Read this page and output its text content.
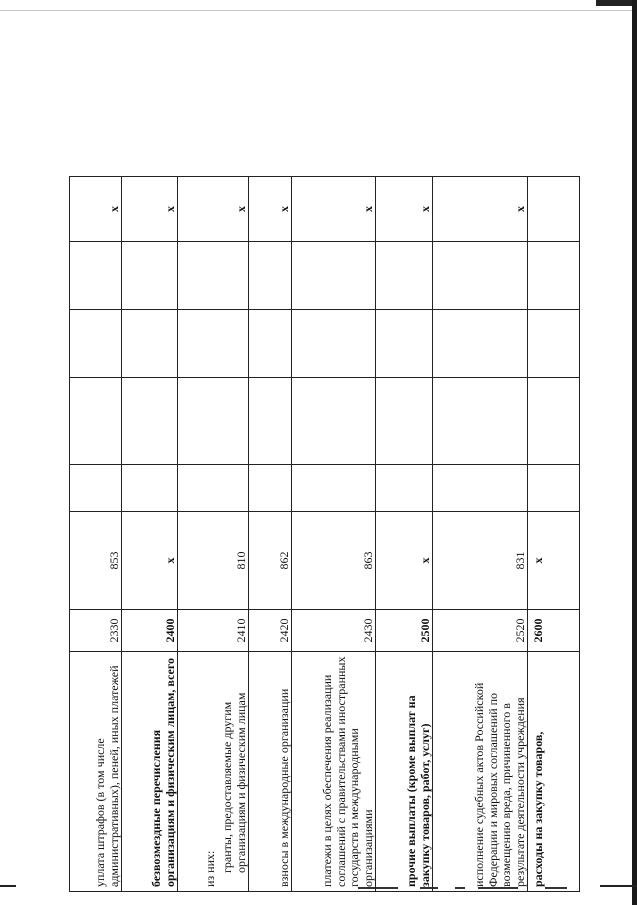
уплата штрафов (в том числе административных), пеней, иных платежей	2330	853					x
безвозмездные перечисления организациям и физическим лицам, всего	2400	x					x

из них: гранты, предоставляемые другим организациям и физическим лицам	2410	810					x
взносы в международные организации	2420	862					x
платежи в целях обеспечения реализации соглашений с правительствами иностранных государств и международными организациями	2430	863					x
прочие выплаты (кроме выплат на закупку товаров, работ, услуг)	2500	x					x
исполнение судебных актов Российской Федерации и мировых соглашений по возмещению вреда, причиненного в результате деятельности учреждения	2520	831					x
расходы на закупку товаров,	2600	x					
